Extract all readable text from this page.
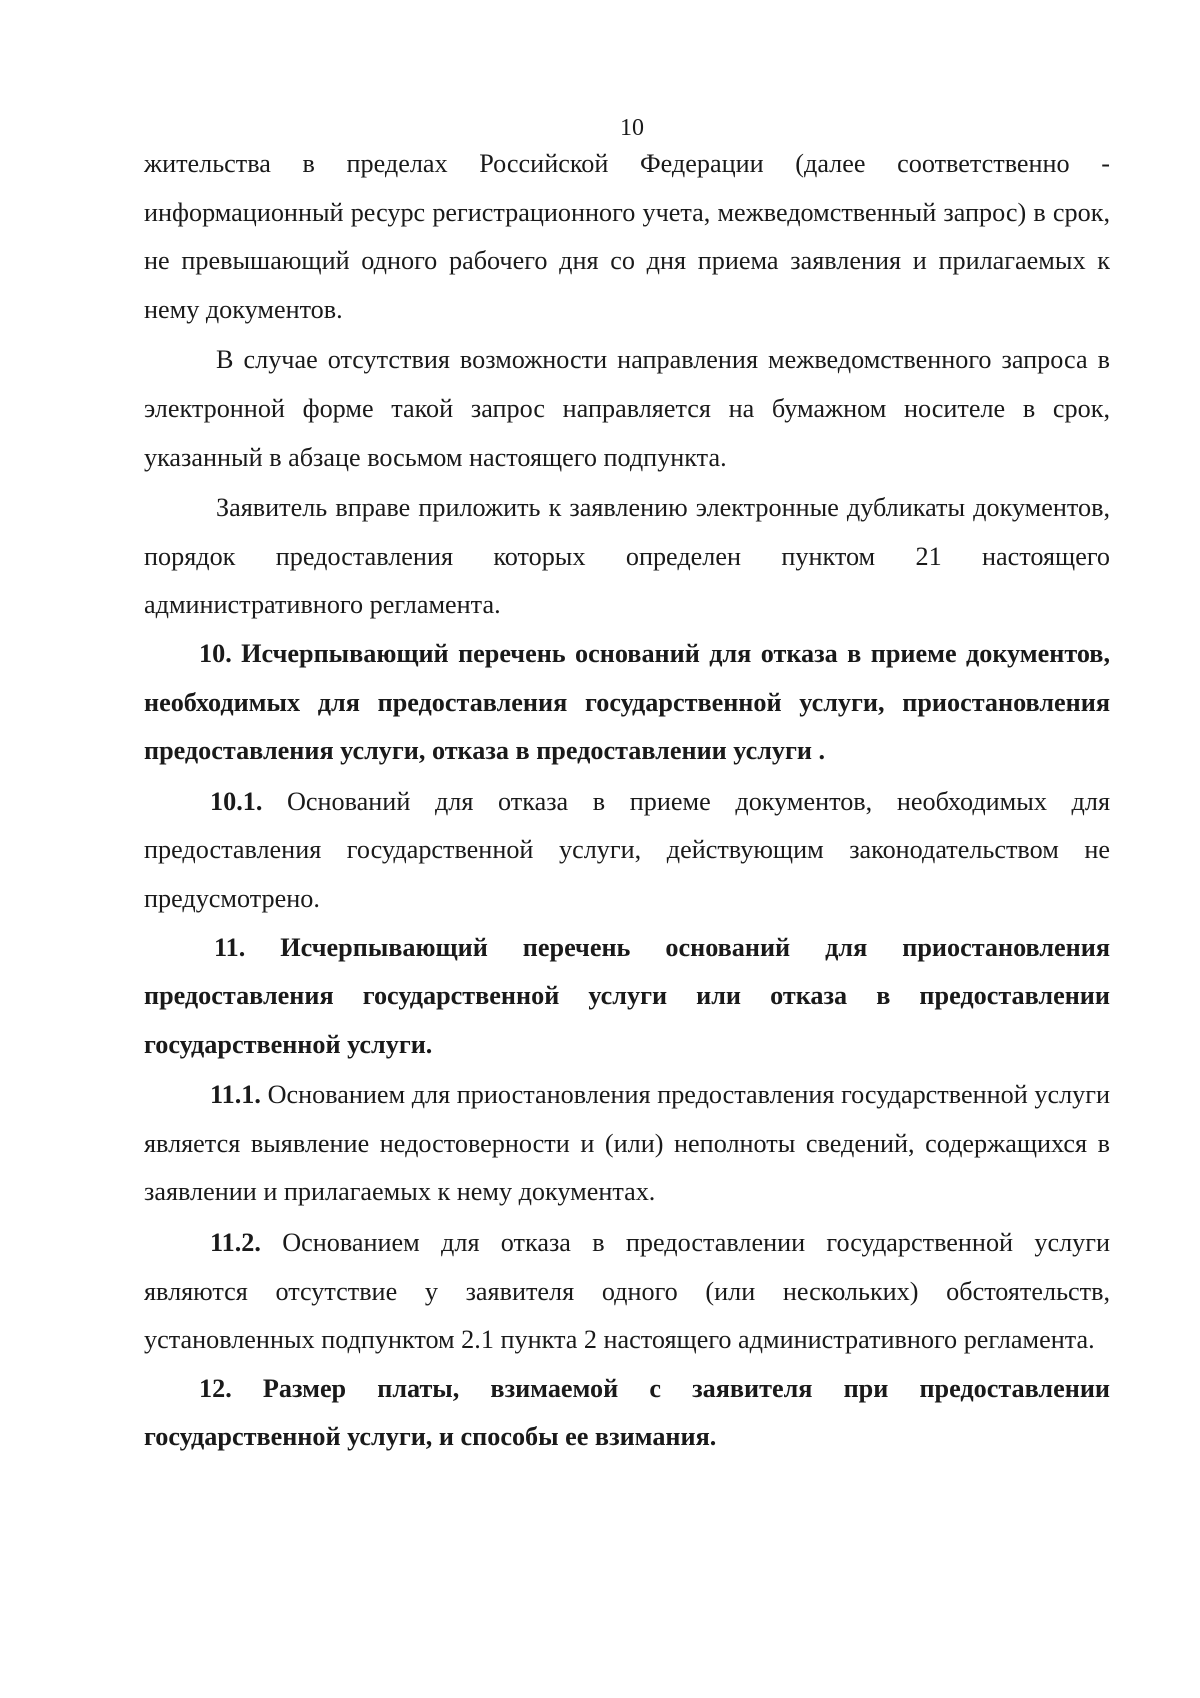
10

жительства в пределах Российской Федерации (далее соответственно - информационный ресурс регистрационного учета, межведомственный запрос) в срок, не превышающий одного рабочего дня со дня приема заявления и прилагаемых к нему документов.

В случае отсутствия возможности направления межведомственного запроса в электронной форме такой запрос направляется на бумажном носителе в срок, указанный в абзаце восьмом настоящего подпункта.

Заявитель вправе приложить к заявлению электронные дубликаты документов, порядок предоставления которых определен пунктом 21 настоящего административного регламента.

10. Исчерпывающий перечень оснований для отказа в приеме документов, необходимых для предоставления государственной услуги, приостановления предоставления услуги, отказа в предоставлении услуги .

10.1. Оснований для отказа в приеме документов, необходимых для предоставления государственной услуги, действующим законодательством не предусмотрено.

11. Исчерпывающий перечень оснований для приостановления предоставления государственной услуги или отказа в предоставлении государственной услуги.

11.1. Основанием для приостановления предоставления государственной услуги является выявление недостоверности и (или) неполноты сведений, содержащихся в заявлении и прилагаемых к нему документах.

11.2. Основанием для отказа в предоставлении государственной услуги являются отсутствие у заявителя одного (или нескольких) обстоятельств, установленных подпунктом 2.1 пункта 2 настоящего административного регламента.

12. Размер платы, взимаемой с заявителя при предоставлении государственной услуги, и способы ее взимания.
